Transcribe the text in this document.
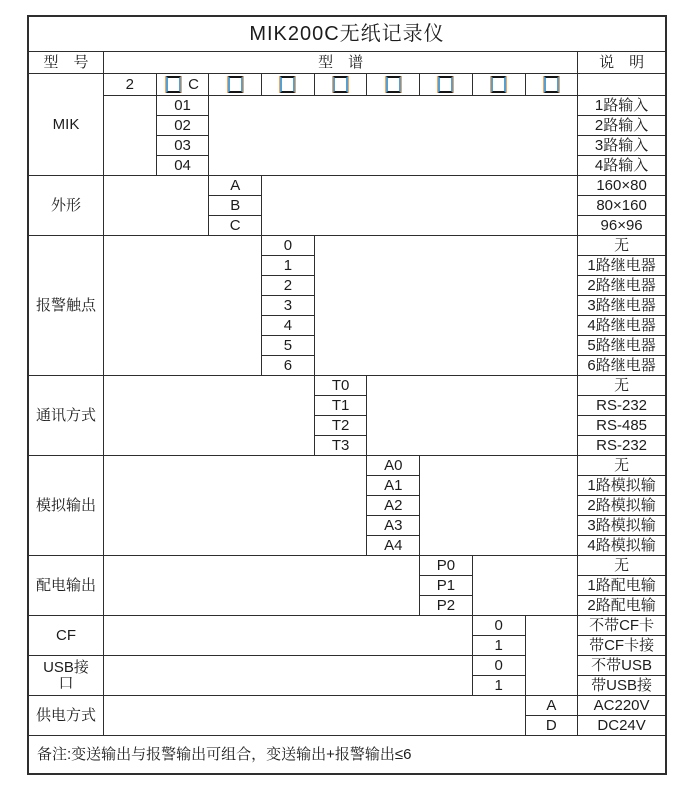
MIK200C无纸记录仪
型　号	型　谱	说　明
备注:变送输出与报警输出可组合，变送输出+报警输出≤6
2	C
MIK
01	1路输入
02	2路输入
03	3路输入
04	4路输入
外形
A	160×80
B	80×160
C	96×96
报警触点
0	无
1	1路继电器
2	2路继电器
3	3路继电器
4	4路继电器
5	5路继电器
6	6路继电器
通讯方式
T0	无
T1	RS-232
T2	RS-485
T3	RS-232
模拟输出
A0	无
A1	1路模拟输
A2	2路模拟输
A3	3路模拟输
A4	4路模拟输
配电输出
P0	无
P1	1路配电输
P2	2路配电输
CF
0	不带CF卡
1	带CF卡接
USB接
口
0	不带USB
1	带USB接
供电方式
A	AC220V
D	DC24V
